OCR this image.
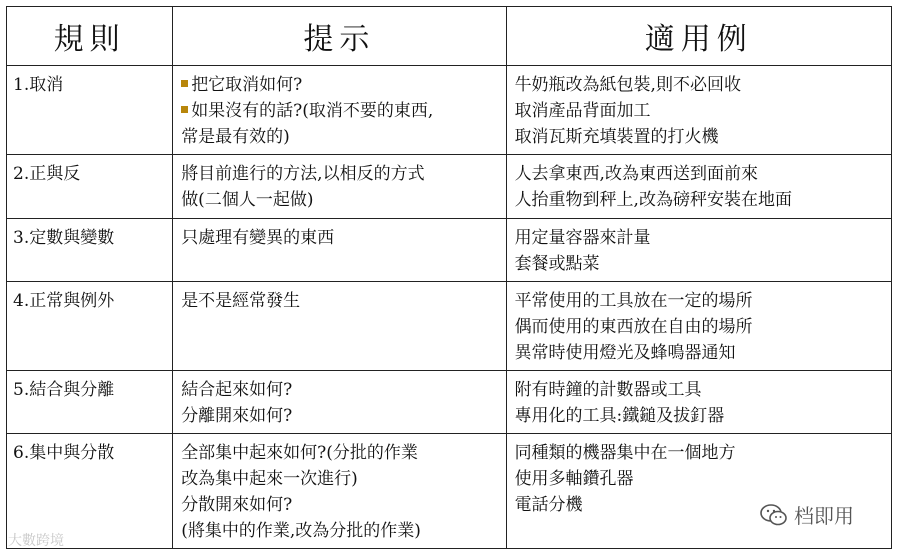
規則	提示	適用例

1.取消	把它取消如何?
如果沒有的話?(取消不要的東西,
常是最有效的)	牛奶瓶改為紙包裝,則不必回收
取消產品背面加工
取消瓦斯充填裝置的打火機

2.正與反	將目前進行的方法,以相反的方式
做(二個人一起做)	人去拿東西,改為東西送到面前來
人抬重物到秤上,改為磅秤安裝在地面

3.定數與變數	只處理有變異的東西	用定量容器來計量
套餐或點菜

4.正常與例外	是不是經常發生	平常使用的工具放在一定的場所
偶而使用的東西放在自由的場所
異常時使用燈光及蜂鳴器通知

5.結合與分離	結合起來如何?
分離開來如何?	附有時鐘的計數器或工具
專用化的工具:鐵鎚及拔釘器

6.集中與分散	全部集中起來如何?(分批的作業
改為集中起來一次進行)
分散開來如何?
(將集中的作業,改為分批的作業)	同種類的機器集中在一個地方
使用多軸鑽孔器
電話分機
大數跨境
档即用
